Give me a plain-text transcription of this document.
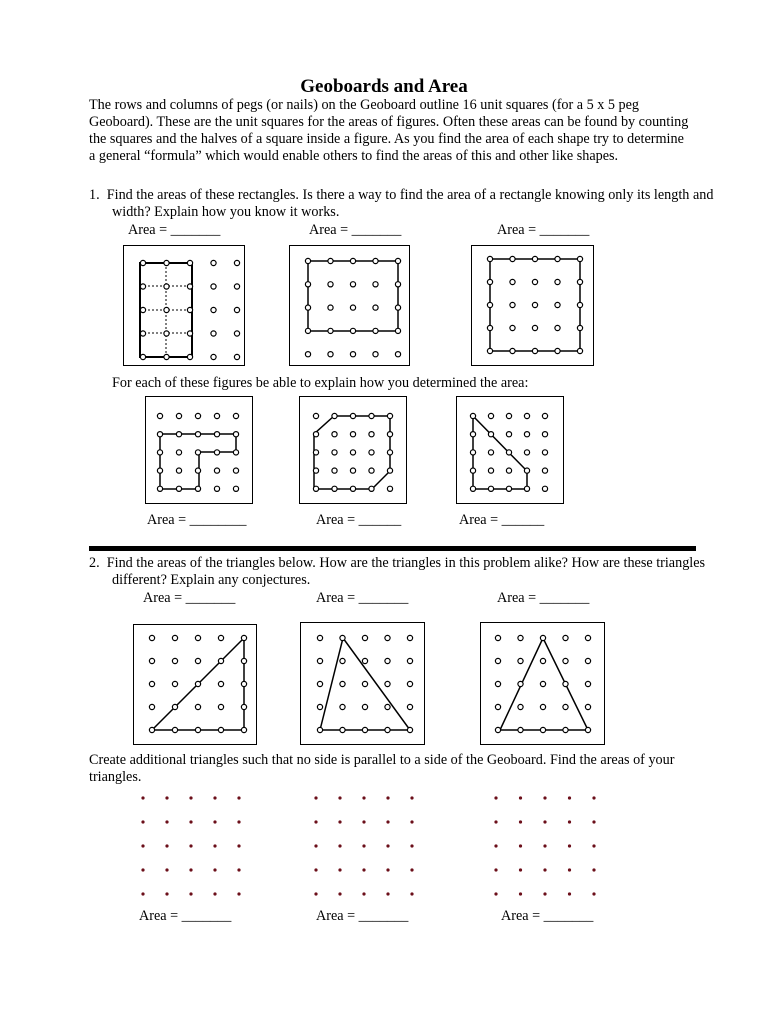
Geoboards and Area
The rows and columns of pegs (or nails) on the Geoboard outline 16 unit squares (for a 5 x 5 peg Geoboard). These are the unit squares for the areas of figures. Often these areas can be found by counting the squares and the halves of a square inside a figure. As you find the area of each shape try to determine a general “formula” which would enable others to find the areas of this and other like shapes.
1.  Find the areas of these rectangles. Is there a way to find the area of a rectangle knowing only its length and width? Explain how you know it works.
Area = _______	Area = _______	Area = _______
For each of these figures be able to explain how you determined the area:
Area = ________	Area = ______	Area = ______
2.  Find the areas of the triangles below. How are the triangles in this problem alike? How are these triangles different? Explain any conjectures.
Area = _______	Area = _______	Area = _______
Create additional triangles such that no side is parallel to a side of the Geoboard. Find the areas of your triangles.
Area = _______	Area = _______	Area = _______
